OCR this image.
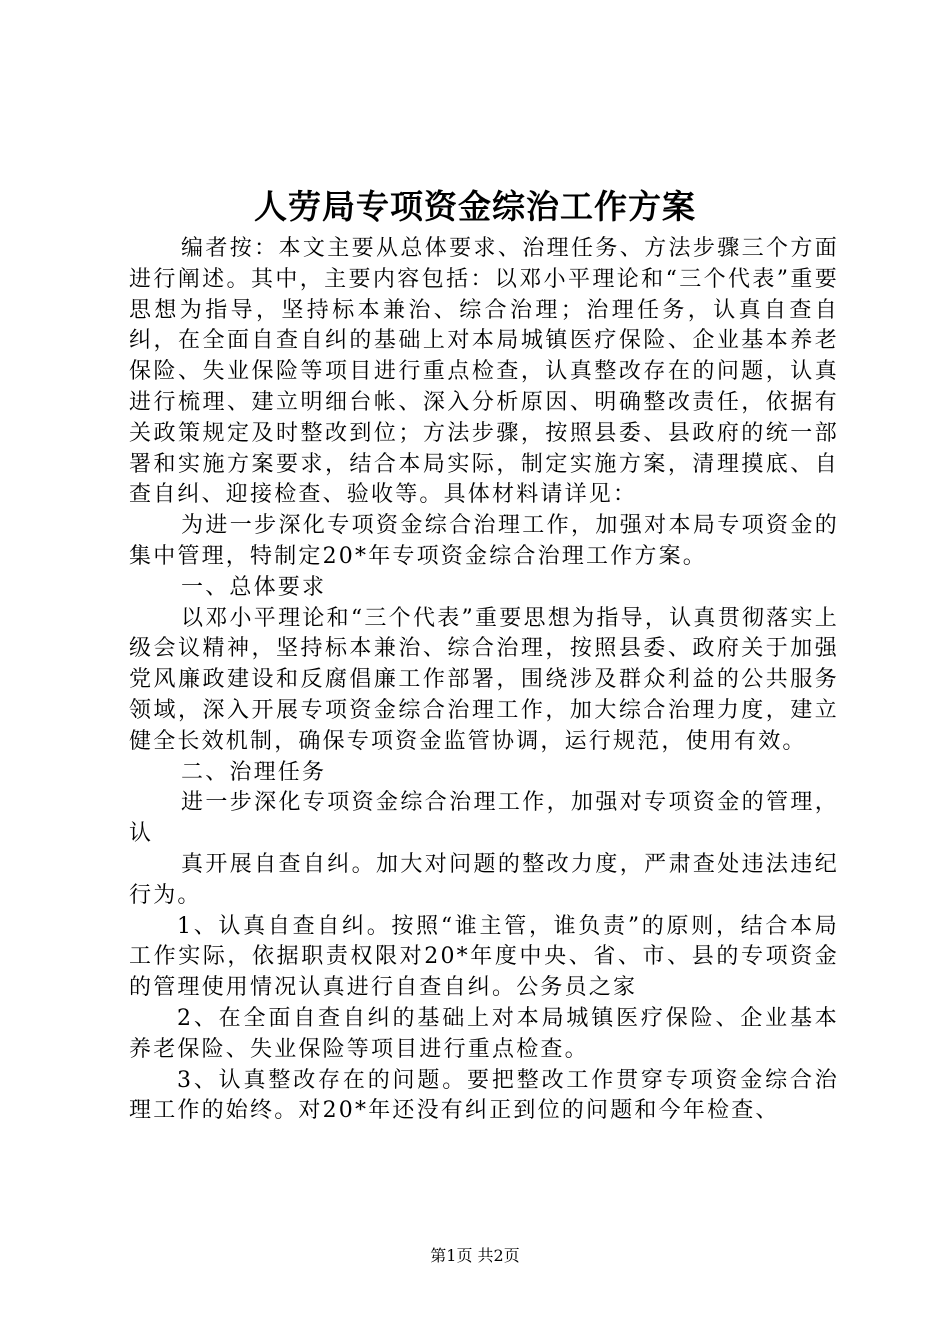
人劳局专项资金综治工作方案

编者按：本文主要从总体要求、治理任务、方法步骤三个方面进行阐述。其中，主要内容包括：以邓小平理论和“三个代表”重要思想为指导，坚持标本兼治、综合治理；治理任务，认真自查自纠，在全面自查自纠的基础上对本局城镇医疗保险、企业基本养老保险、失业保险等项目进行重点检查，认真整改存在的问题，认真进行梳理、建立明细台帐、深入分析原因、明确整改责任，依据有关政策规定及时整改到位；方法步骤，按照县委、县政府的统一部署和实施方案要求，结合本局实际，制定实施方案，清理摸底、自查自纠、迎接检查、验收等。具体材料请详见：

为进一步深化专项资金综合治理工作，加强对本局专项资金的集中管理，特制定20*年专项资金综合治理工作方案。

一、总体要求

以邓小平理论和“三个代表”重要思想为指导，认真贯彻落实上级会议精神，坚持标本兼治、综合治理，按照县委、政府关于加强党风廉政建设和反腐倡廉工作部署，围绕涉及群众利益的公共服务领域，深入开展专项资金综合治理工作，加大综合治理力度，建立健全长效机制，确保专项资金监管协调，运行规范，使用有效。

二、治理任务

进一步深化专项资金综合治理工作，加强对专项资金的管理，认

真开展自查自纠。加大对问题的整改力度，严肃查处违法违纪行为。

1、认真自查自纠。按照“谁主管，谁负责”的原则，结合本局工作实际，依据职责权限对20*年度中央、省、市、县的专项资金的管理使用情况认真进行自查自纠。公务员之家

2、在全面自查自纠的基础上对本局城镇医疗保险、企业基本养老保险、失业保险等项目进行重点检查。

3、认真整改存在的问题。要把整改工作贯穿专项资金综合治理工作的始终。对20*年还没有纠正到位的问题和今年检查、

第1页 共2页
